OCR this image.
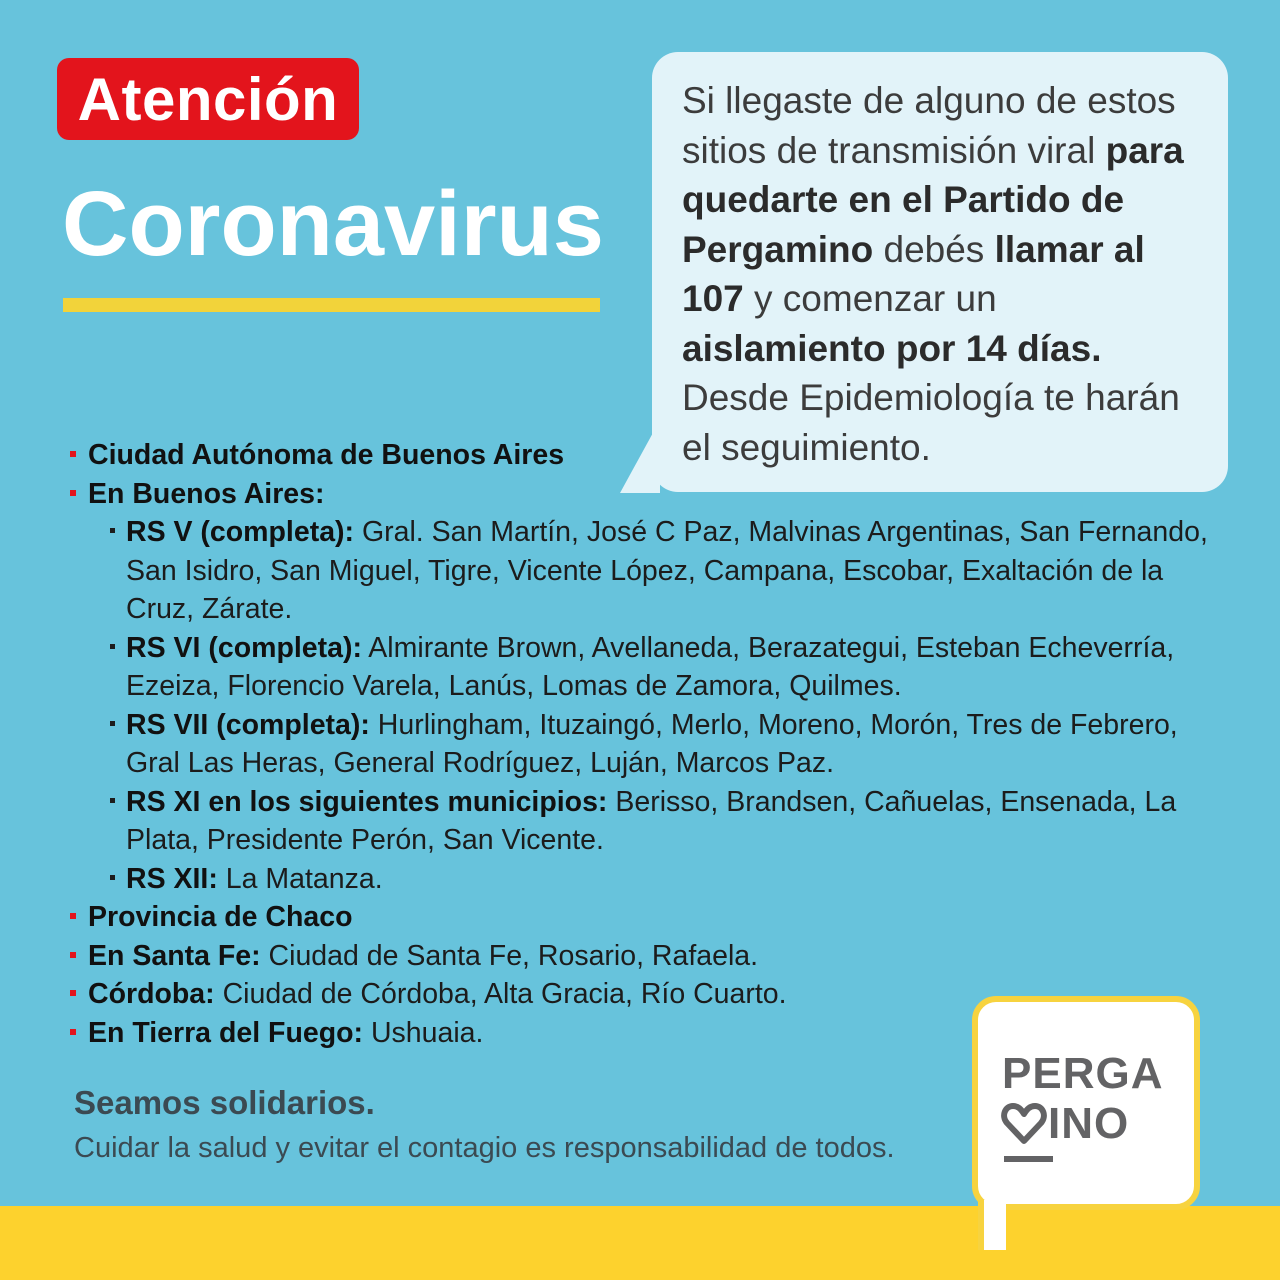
Atención
Coronavirus
Si llegaste de alguno de estos sitios de transmisión viral para quedarte en el Partido de Pergamino debés llamar al 107 y comenzar un aislamiento por 14 días.
Desde Epidemiología te harán el seguimiento.
Ciudad Autónoma de Buenos Aires
En Buenos Aires:
RS V (completa): Gral. San Martín, José C Paz, Malvinas Argentinas, San Fernando, San Isidro, San Miguel, Tigre, Vicente López, Campana, Escobar, Exaltación de la Cruz, Zárate.
RS VI (completa): Almirante Brown, Avellaneda, Berazategui, Esteban Echeverría, Ezeiza, Florencio Varela, Lanús, Lomas de Zamora, Quilmes.
RS VII (completa): Hurlingham, Ituzaingó, Merlo, Moreno, Morón, Tres de Febrero, Gral Las Heras, General Rodríguez, Luján, Marcos Paz.
RS XI en los siguientes municipios: Berisso, Brandsen, Cañuelas, Ensenada, La Plata, Presidente Perón, San Vicente.
RS XII: La Matanza.
Provincia de Chaco
En Santa Fe: Ciudad de Santa Fe, Rosario, Rafaela.
Córdoba: Ciudad de Córdoba, Alta Gracia, Río Cuarto.
En Tierra del Fuego: Ushuaia.
Seamos solidarios.
Cuidar la salud y evitar el contagio es responsabilidad de todos.
PERGA
INO
